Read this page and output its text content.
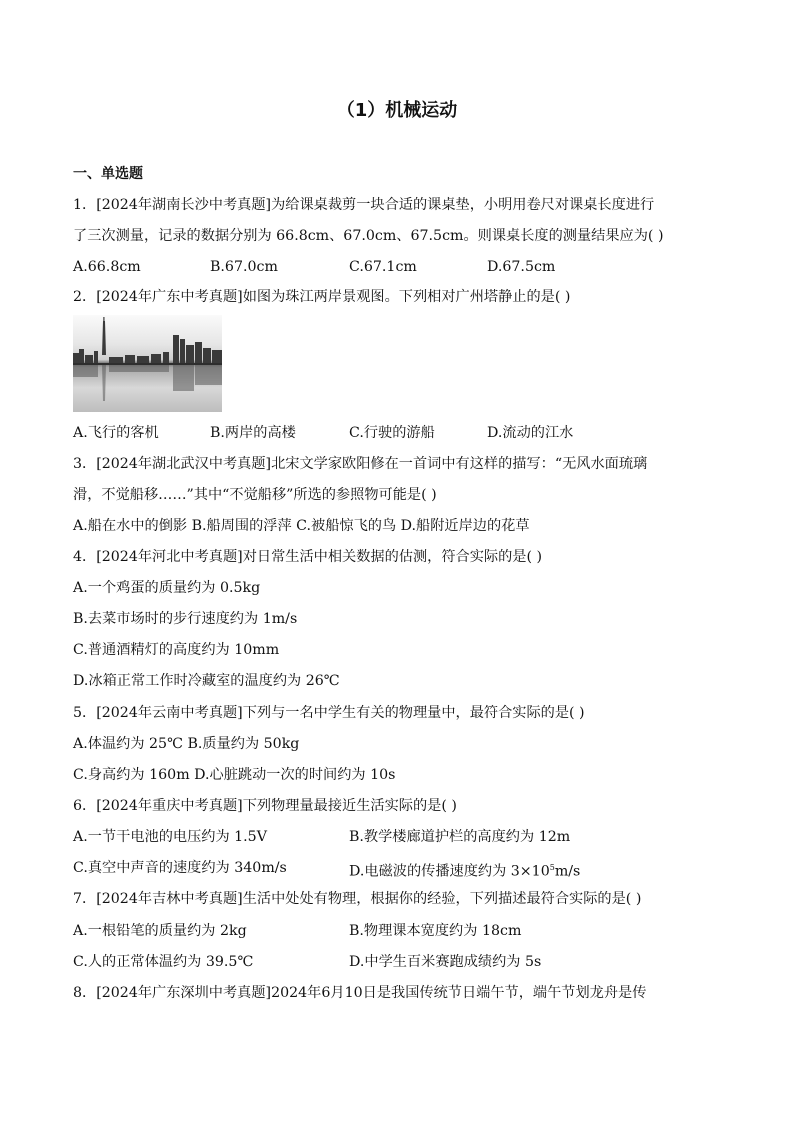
（1）机械运动
一、单选题
1．[2024年湖南长沙中考真题]为给课桌裁剪一块合适的课桌垫，小明用卷尺对课桌长度进行
了三次测量，记录的数据分别为 66.8cm、67.0cm、67.5cm。则课桌长度的测量结果应为( )
A.66.8cm	B.67.0cm	C.67.1cm	D.67.5cm
2．[2024年广东中考真题]如图为珠江两岸景观图。下列相对广州塔静止的是( )
A.飞行的客机	B.两岸的高楼	C.行驶的游船	D.流动的江水
3．[2024年湖北武汉中考真题]北宋文学家欧阳修在一首词中有这样的描写：“无风水面琉璃
滑，不觉船移……”其中“不觉船移”所选的参照物可能是( )
A.船在水中的倒影 B.船周围的浮萍 C.被船惊飞的鸟 D.船附近岸边的花草
4．[2024年河北中考真题]对日常生活中相关数据的估测，符合实际的是( )
A.一个鸡蛋的质量约为 0.5kg
B.去菜市场时的步行速度约为 1m/s
C.普通酒精灯的高度约为 10mm
D.冰箱正常工作时冷藏室的温度约为 26℃
5．[2024年云南中考真题]下列与一名中学生有关的物理量中，最符合实际的是( )
A.体温约为 25℃ B.质量约为 50kg
C.身高约为 160m D.心脏跳动一次的时间约为 10s
6．[2024年重庆中考真题]下列物理量最接近生活实际的是( )
A.一节干电池的电压约为 1.5V	B.教学楼廊道护栏的高度约为 12m
C.真空中声音的速度约为 340m/s	D.电磁波的传播速度约为 $3\times 10^5m/s$
7．[2024年吉林中考真题]生活中处处有物理，根据你的经验，下列描述最符合实际的是( )
A.一根铅笔的质量约为 2kg	B.物理课本宽度约为 18cm
C.人的正常体温约为 39.5℃	D.中学生百米赛跑成绩约为 5s
8．[2024年广东深圳中考真题]2024年6月10日是我国传统节日端午节，端午节划龙舟是传
